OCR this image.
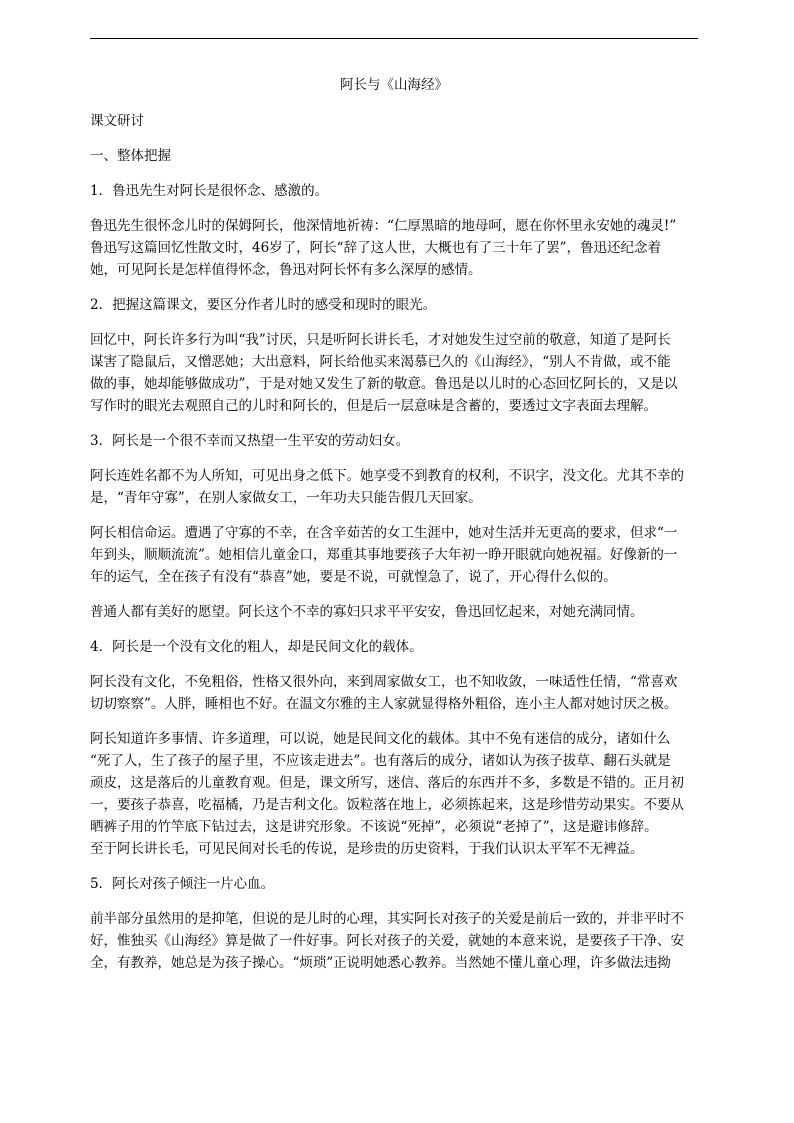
阿长与《山海经》
课文研讨
一、整体把握
1．鲁迅先生对阿长是很怀念、感激的。
鲁迅先生很怀念儿时的保姆阿长，他深情地祈祷：“仁厚黑暗的地母呵，愿在你怀里永安她的魂灵!”
鲁迅写这篇回忆性散文时，46岁了，阿长“辞了这人世，大概也有了三十年了罢”，鲁迅还纪念着
她，可见阿长是怎样值得怀念，鲁迅对阿长怀有多么深厚的感情。
2．把握这篇课文，要区分作者儿时的感受和现时的眼光。
回忆中，阿长许多行为叫“我”讨厌，只是听阿长讲长毛，才对她发生过空前的敬意，知道了是阿长
谋害了隐鼠后，又憎恶她；大出意料，阿长给他买来渴慕已久的《山海经》，“别人不肯做，或不能
做的事，她却能够做成功”，于是对她又发生了新的敬意。鲁迅是以儿时的心态回忆阿长的，又是以
写作时的眼光去观照自己的儿时和阿长的，但是后一层意味是含蓄的，要透过文字表面去理解。
3．阿长是一个很不幸而又热望一生平安的劳动妇女。
阿长连姓名都不为人所知，可见出身之低下。她享受不到教育的权利，不识字，没文化。尤其不幸的
是，“青年守寡”，在别人家做女工，一年功夫只能告假几天回家。
阿长相信命运。遭遇了守寡的不幸，在含辛茹苦的女工生涯中，她对生活并无更高的要求，但求“一
年到头，顺顺流流”。她相信儿童金口，郑重其事地要孩子大年初一睁开眼就向她祝福。好像新的一
年的运气，全在孩子有没有“恭喜”她，要是不说，可就惶急了，说了，开心得什么似的。
普通人都有美好的愿望。阿长这个不幸的寡妇只求平平安安，鲁迅回忆起来，对她充满同情。
4．阿长是一个没有文化的粗人，却是民间文化的载体。
阿长没有文化，不免粗俗，性格又很外向，来到周家做女工，也不知收敛，一味适性任情，“常喜欢
切切察察”。人胖，睡相也不好。在温文尔雅的主人家就显得格外粗俗，连小主人都对她讨厌之极。
阿长知道许多事情、许多道理，可以说，她是民间文化的载体。其中不免有迷信的成分，诸如什么
“死了人，生了孩子的屋子里，不应该走进去”。也有落后的成分，诸如认为孩子拔草、翻石头就是
顽皮，这是落后的儿童教育观。但是，课文所写，迷信、落后的东西并不多，多数是不错的。正月初
一，要孩子恭喜，吃福橘，乃是吉利文化。饭粒落在地上，必须拣起来，这是珍惜劳动果实。不要从
晒裤子用的竹竿底下钻过去，这是讲究形象。不该说“死掉”，必须说“老掉了”，这是避讳修辞。
至于阿长讲长毛，可见民间对长毛的传说，是珍贵的历史资料，于我们认识太平军不无裨益。
5．阿长对孩子倾注一片心血。
前半部分虽然用的是抑笔，但说的是儿时的心理，其实阿长对孩子的关爱是前后一致的，并非平时不
好，惟独买《山海经》算是做了一件好事。阿长对孩子的关爱，就她的本意来说，是要孩子干净、安
全，有教养，她总是为孩子操心。“烦琐”正说明她悉心教养。当然她不懂儿童心理，许多做法违拗
